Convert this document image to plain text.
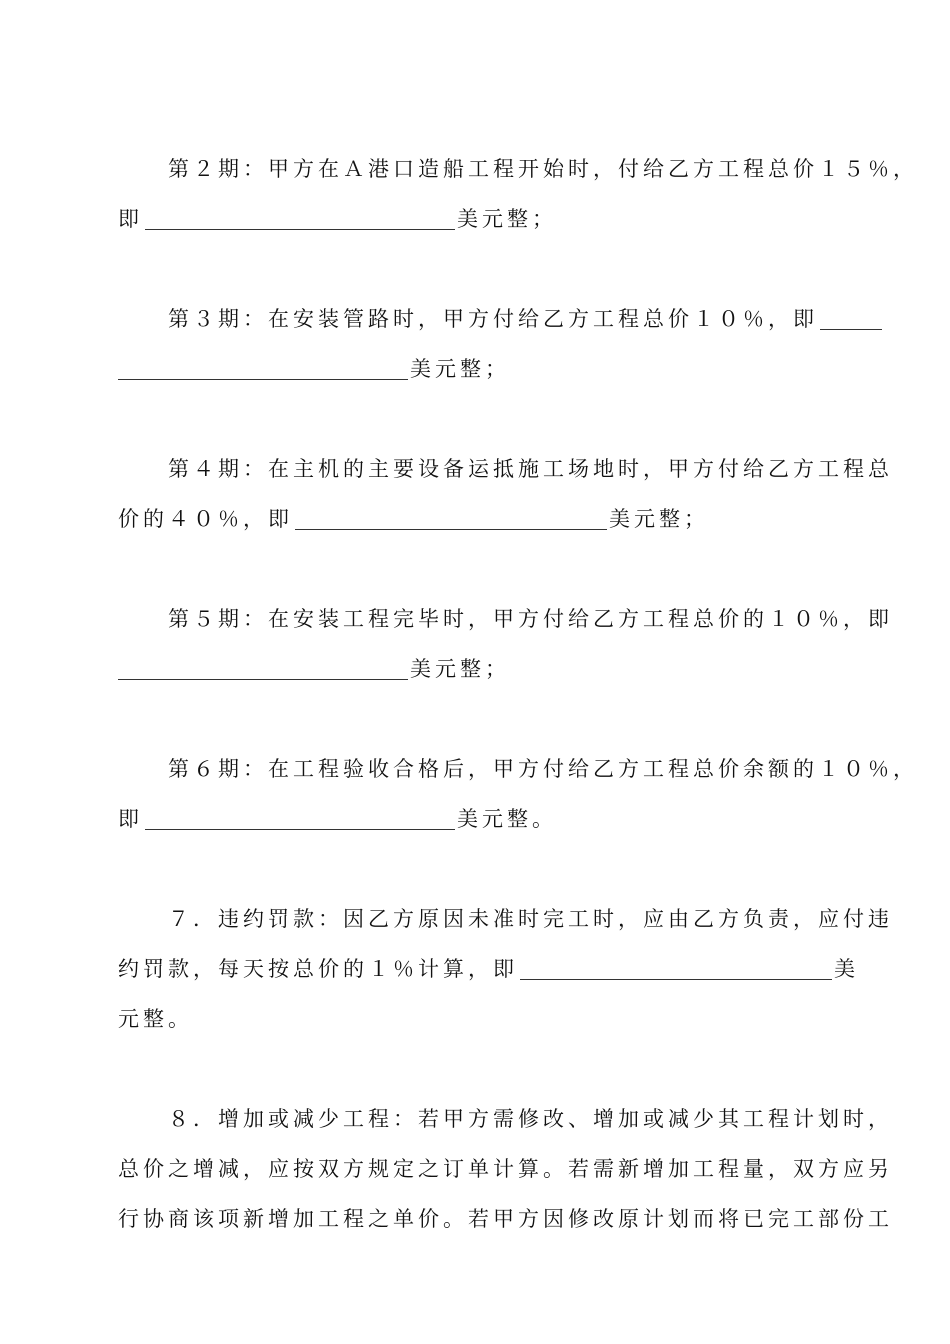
第２期：甲方在Ａ港口造船工程开始时，付给乙方工程总价１５％，
即	美元整；
第３期：在安装管路时，甲方付给乙方工程总价１０％，即
美元整；
第４期：在主机的主要设备运抵施工场地时，甲方付给乙方工程总
价的４０％，即	美元整；
第５期：在安装工程完毕时，甲方付给乙方工程总价的１０％，即
美元整；
第６期：在工程验收合格后，甲方付给乙方工程总价余额的１０％，
即	美元整。
７．违约罚款：因乙方原因未准时完工时，应由乙方负责，应付违
约罚款，每天按总价的１％计算，即	美
元整。
８．增加或减少工程：若甲方需修改、增加或减少其工程计划时，
总价之增减，应按双方规定之订单计算。若需新增加工程量，双方应另
行协商该项新增加工程之单价。若甲方因修改原计划而将已完工部份工
